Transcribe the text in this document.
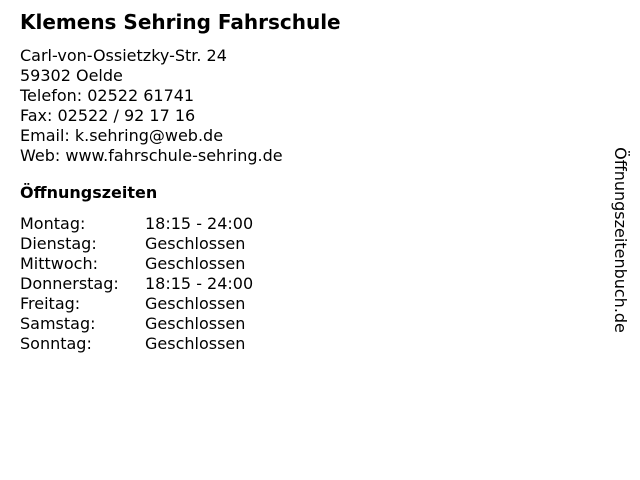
Klemens Sehring Fahrschule
Carl-von-Ossietzky-Str. 24
59302 Oelde
Telefon: 02522 61741
Fax: 02522 / 92 17 16
Email: k.sehring@web.de
Web: www.fahrschule-sehring.de
Öffnungszeiten
Montag:	18:15 - 24:00
Dienstag:	Geschlossen
Mittwoch:	Geschlossen
Donnerstag:	18:15 - 24:00
Freitag:	Geschlossen
Samstag:	Geschlossen
Sonntag:	Geschlossen
Öffnungszeitenbuch.de
